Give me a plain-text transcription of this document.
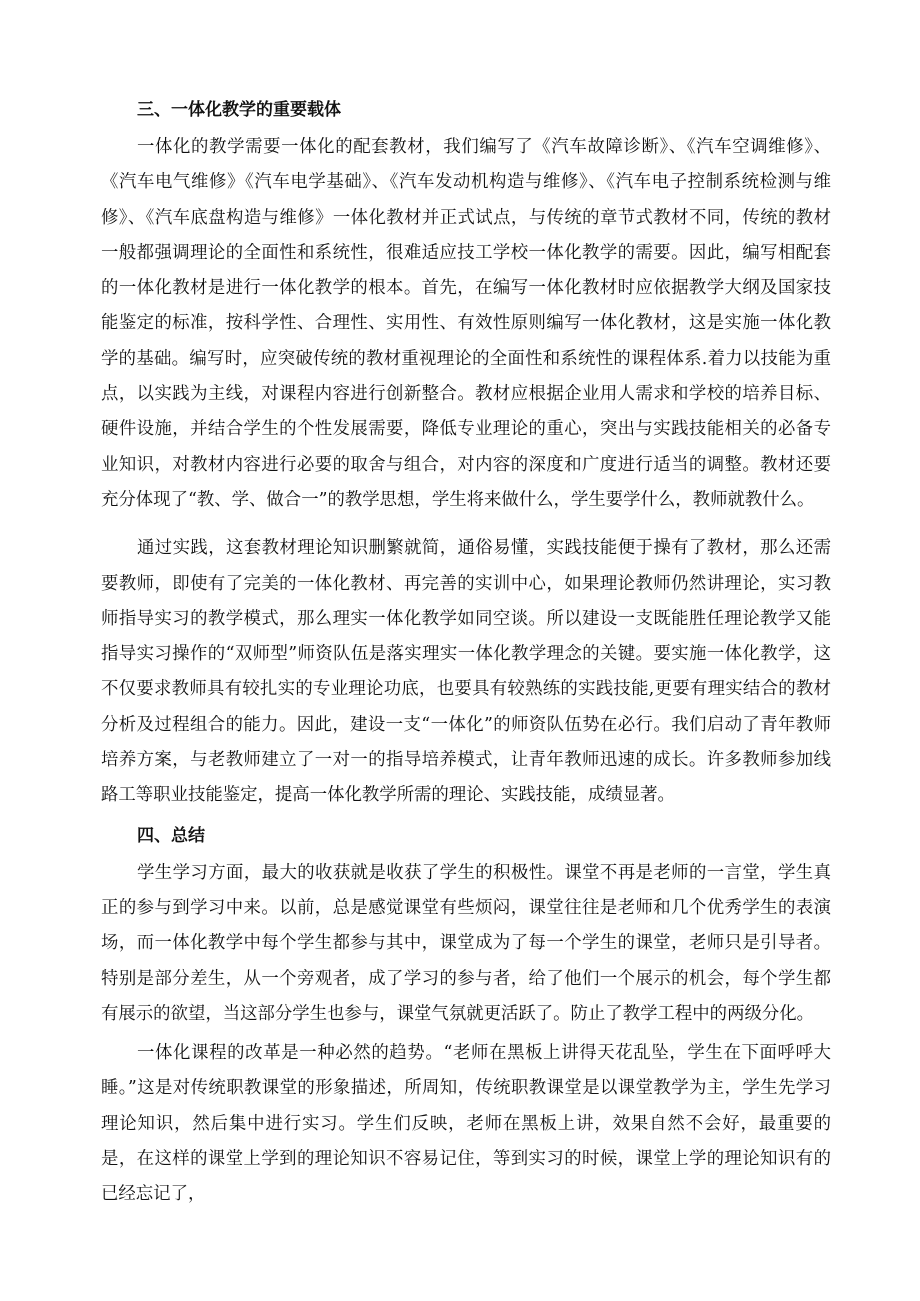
三、一体化教学的重要载体

一体化的教学需要一体化的配套教材，我们编写了《汽车故障诊断》、《汽车空调维修》、《汽车电气维修》《汽车电学基础》、《汽车发动机构造与维修》、《汽车电子控制系统检测与维修》、《汽车底盘构造与维修》一体化教材并正式试点，与传统的章节式教材不同，传统的教材一般都强调理论的全面性和系统性，很难适应技工学校一体化教学的需要。因此，编写相配套的一体化教材是进行一体化教学的根本。首先，在编写一体化教材时应依据教学大纲及国家技能鉴定的标准，按科学性、合理性、实用性、有效性原则编写一体化教材，这是实施一体化教学的基础。编写时，应突破传统的教材重视理论的全面性和系统性的课程体系.着力以技能为重点，以实践为主线，对课程内容进行创新整合。教材应根据企业用人需求和学校的培养目标、硬件设施，并结合学生的个性发展需要，降低专业理论的重心，突出与实践技能相关的必备专业知识，对教材内容进行必要的取舍与组合，对内容的深度和广度进行适当的调整。教材还要充分体现了“教、学、做合一”的教学思想，学生将来做什么，学生要学什么，教师就教什么。

通过实践，这套教材理论知识删繁就简，通俗易懂，实践技能便于操有了教材，那么还需要教师，即使有了完美的一体化教材、再完善的实训中心，如果理论教师仍然讲理论，实习教师指导实习的教学模式，那么理实一体化教学如同空谈。所以建设一支既能胜任理论教学又能指导实习操作的“双师型”师资队伍是落实理实一体化教学理念的关键。要实施一体化教学，这不仅要求教师具有较扎实的专业理论功底，也要具有较熟练的实践技能,更要有理实结合的教材分析及过程组合的能力。因此，建设一支“一体化”的师资队伍势在必行。我们启动了青年教师培养方案，与老教师建立了一对一的指导培养模式，让青年教师迅速的成长。许多教师参加线路工等职业技能鉴定，提高一体化教学所需的理论、实践技能，成绩显著。

四、总结

学生学习方面，最大的收获就是收获了学生的积极性。课堂不再是老师的一言堂，学生真正的参与到学习中来。以前，总是感觉课堂有些烦闷，课堂往往是老师和几个优秀学生的表演场，而一体化教学中每个学生都参与其中，课堂成为了每一个学生的课堂，老师只是引导者。特别是部分差生，从一个旁观者，成了学习的参与者，给了他们一个展示的机会，每个学生都有展示的欲望，当这部分学生也参与，课堂气氛就更活跃了。防止了教学工程中的两级分化。

一体化课程的改革是一种必然的趋势。“老师在黑板上讲得天花乱坠，学生在下面呼呼大睡。”这是对传统职教课堂的形象描述，所周知，传统职教课堂是以课堂教学为主，学生先学习理论知识，然后集中进行实习。学生们反映，老师在黑板上讲，效果自然不会好，最重要的是，在这样的课堂上学到的理论知识不容易记住，等到实习的时候，课堂上学的理论知识有的已经忘记了，
